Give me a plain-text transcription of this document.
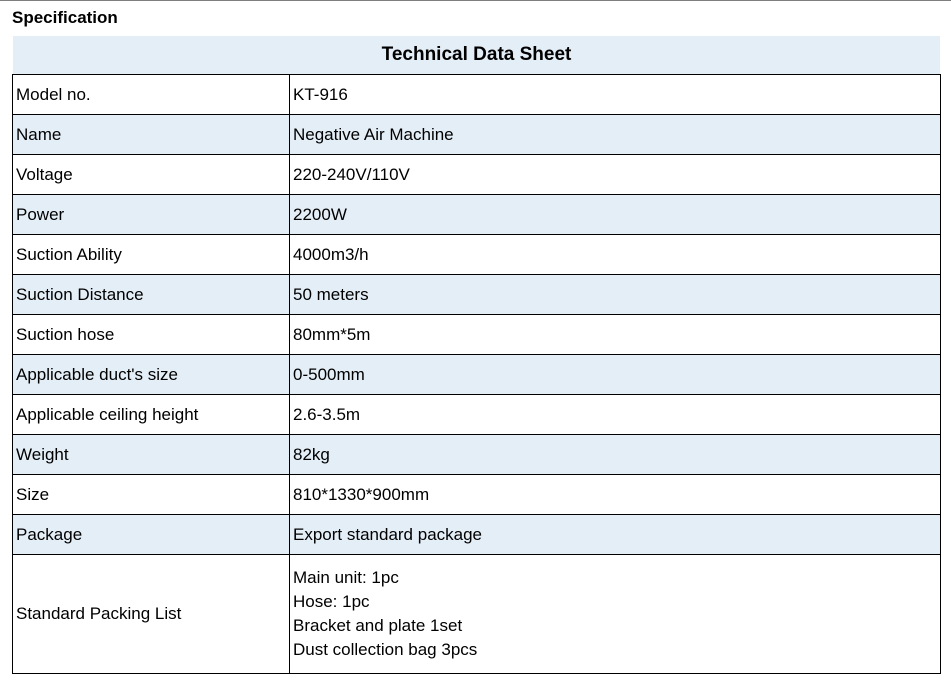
Specification
Technical Data Sheet	
Model no.	KT-916
Name	Negative Air Machine
Voltage	220-240V/110V
Power	2200W
Suction Ability	4000m3/h
Suction Distance	50 meters
Suction hose	80mm*5m
Applicable duct's size	0-500mm
Applicable ceiling height	2.6-3.5m
Weight	82kg
Size	810*1330*900mm
Package	Export standard package
Standard Packing List	Main unit: 1pc
Hose: 1pc
Bracket and plate 1set
Dust collection bag 3pcs
